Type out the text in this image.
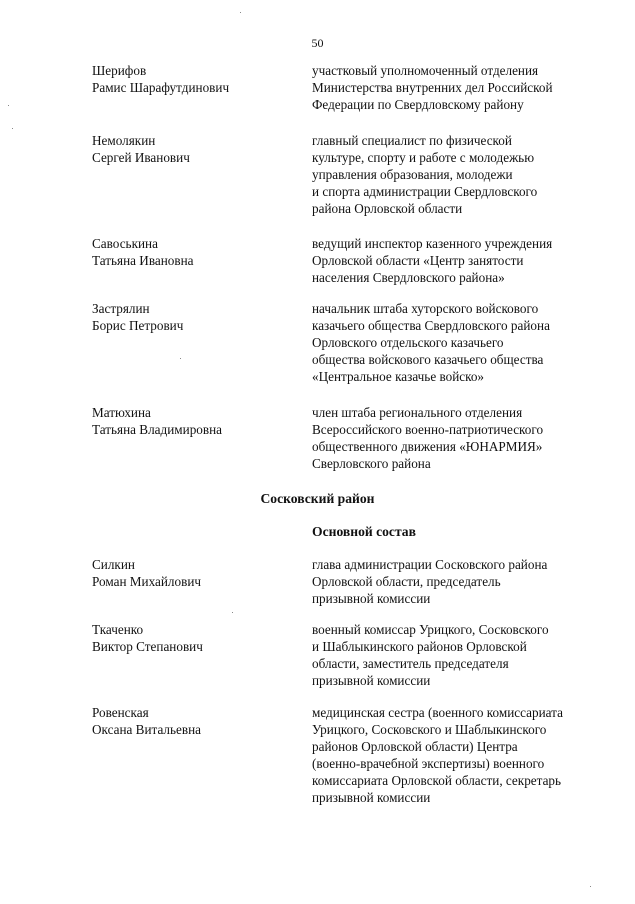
50
Шерифов
Рамис Шарафутдинович
участковый уполномоченный отделения
Министерства внутренних дел Российской
Федерации по Свердловскому району
Немолякин
Сергей Иванович
главный специалист по физической
культуре, спорту и работе с молодежью
управления образования, молодежи
и спорта администрации Свердловского
района Орловской области
Савоськина
Татьяна Ивановна
ведущий инспектор казенного учреждения
Орловской области «Центр занятости
населения Свердловского района»
Застрялин
Борис Петрович
начальник штаба хуторского войскового
казачьего общества Свердловского района
Орловского отдельского казачьего
общества войскового казачьего общества
«Центральное казачье войско»
Матюхина
Татьяна Владимировна
член штаба регионального отделения
Всероссийского военно-патриотического
общественного движения «ЮНАРМИЯ»
Сверловского района
Сосковский район
Основной состав
Силкин
Роман Михайлович
глава администрации Сосковского района
Орловской области, председатель
призывной комиссии
Ткаченко
Виктор Степанович
военный комиссар Урицкого, Сосковского
и Шаблыкинского районов Орловской
области, заместитель председателя
призывной комиссии
Ровенская
Оксана Витальевна
медицинская сестра (военного комиссариата
Урицкого, Сосковского и Шаблыкинского
районов Орловской области) Центра
(военно-врачебной экспертизы) военного
комиссариата Орловской области, секретарь
призывной комиссии
